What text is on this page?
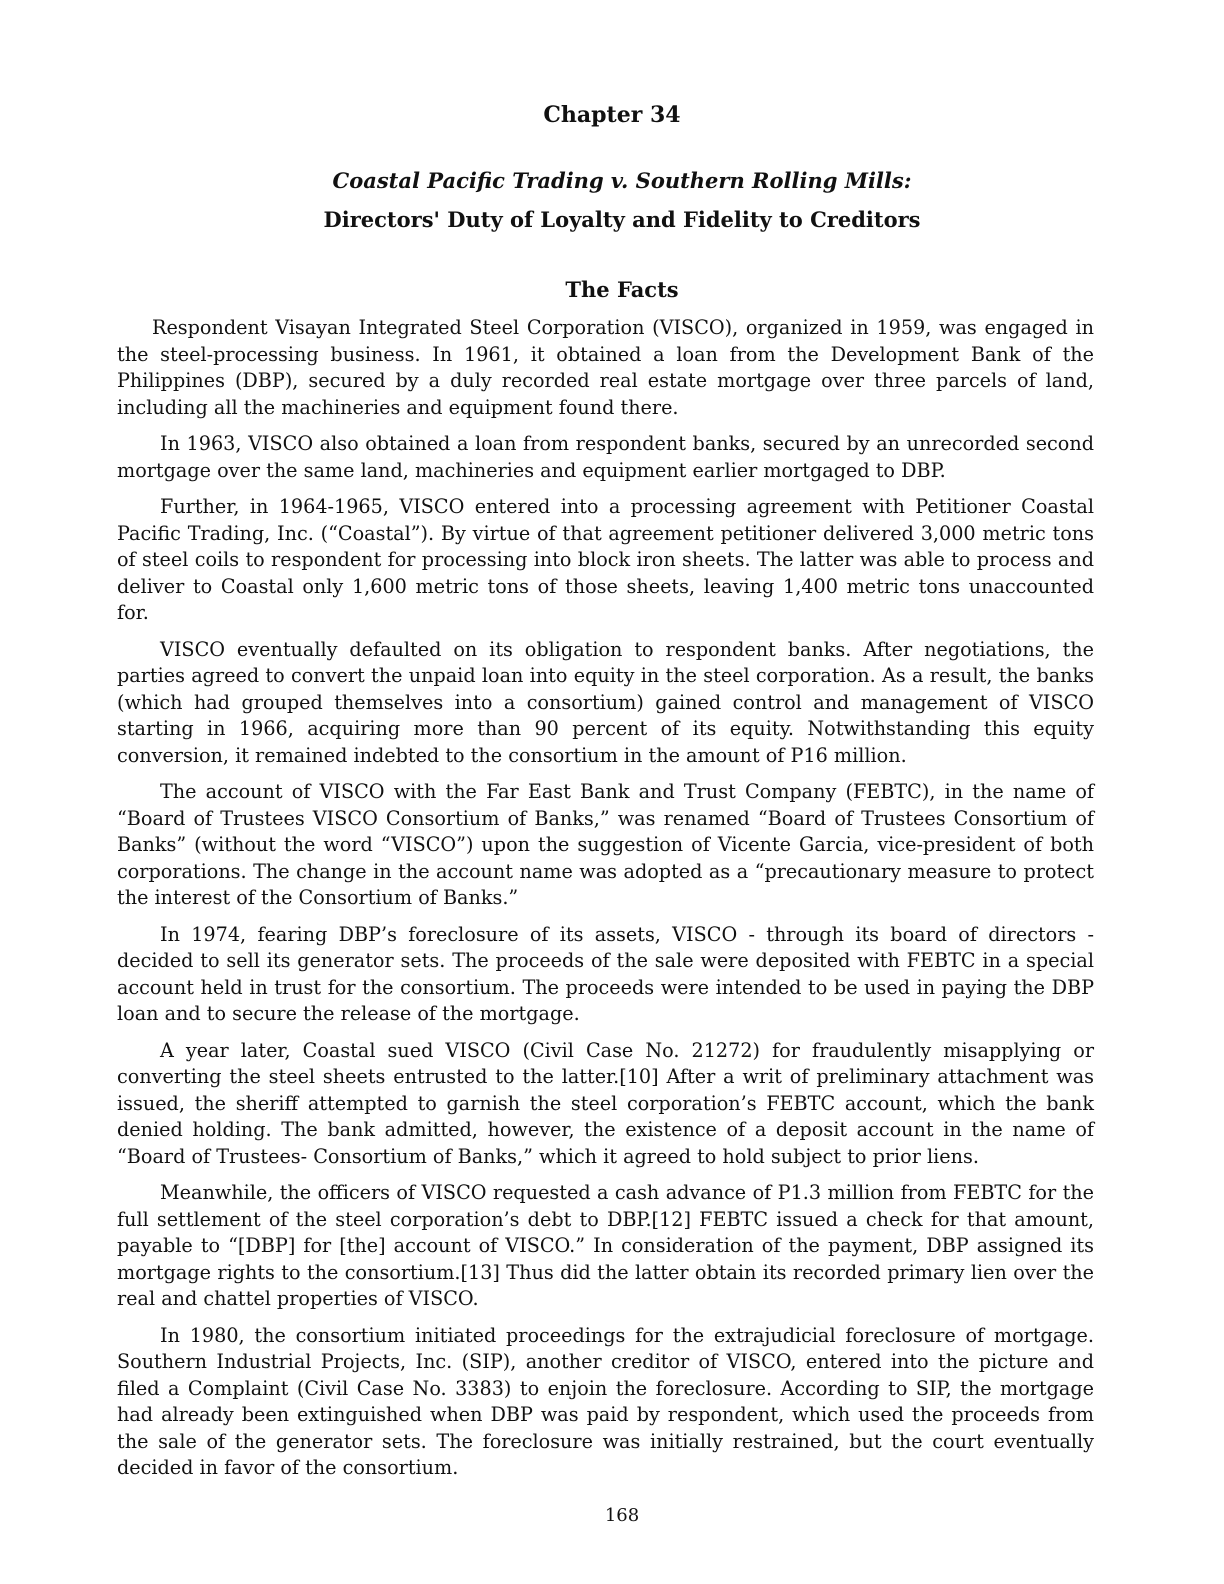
Chapter 34
Coastal Pacific Trading v. Southern Rolling Mills:
Directors' Duty of Loyalty and Fidelity to Creditors
The Facts

Respondent Visayan Integrated Steel Corporation (VISCO), organized in 1959, was engaged in the steel-processing business. In 1961, it obtained a loan from the Development Bank of the Philippines (DBP), secured by a duly recorded real estate mortgage over three parcels of land, including all the machineries and equipment found there.

In 1963, VISCO also obtained a loan from respondent banks, secured by an unrecorded second mortgage over the same land, machineries and equipment earlier mortgaged to DBP.

Further, in 1964-1965, VISCO entered into a processing agreement with Petitioner Coastal Pacific Trading, Inc. (“Coastal”). By virtue of that agreement petitioner delivered 3,000 metric tons of steel coils to respondent for processing into block iron sheets. The latter was able to process and deliver to Coastal only 1,600 metric tons of those sheets, leaving 1,400 metric tons unaccounted for.

VISCO eventually defaulted on its obligation to respondent banks. After negotiations, the parties agreed to convert the unpaid loan into equity in the steel corporation. As a result, the banks (which had grouped themselves into a consortium) gained control and management of VISCO starting in 1966, acquiring more than 90 percent of its equity. Notwithstanding this equity conversion, it remained indebted to the consortium in the amount of P16 million.

The account of VISCO with the Far East Bank and Trust Company (FEBTC), in the name of “Board of Trustees VISCO Consortium of Banks,” was renamed “Board of Trustees Consortium of Banks” (without the word “VISCO”) upon the suggestion of Vicente Garcia, vice-president of both corporations. The change in the account name was adopted as a “precautionary measure to protect the interest of the Consortium of Banks.”

In 1974, fearing DBP’s foreclosure of its assets, VISCO - through its board of directors - decided to sell its generator sets. The proceeds of the sale were deposited with FEBTC in a special account held in trust for the consortium. The proceeds were intended to be used in paying the DBP loan and to secure the release of the mortgage.

A year later, Coastal sued VISCO (Civil Case No. 21272) for fraudulently misapplying or converting the steel sheets entrusted to the latter.[10] After a writ of preliminary attachment was issued, the sheriff attempted to garnish the steel corporation’s FEBTC account, which the bank denied holding. The bank admitted, however, the existence of a deposit account in the name of “Board of Trustees- Consortium of Banks,” which it agreed to hold subject to prior liens.

Meanwhile, the officers of VISCO requested a cash advance of P1.3 million from FEBTC for the full settlement of the steel corporation’s debt to DBP.[12] FEBTC issued a check for that amount, payable to “[DBP] for [the] account of VISCO.” In consideration of the payment, DBP assigned its mortgage rights to the consortium.[13] Thus did the latter obtain its recorded primary lien over the real and chattel properties of VISCO.

In 1980, the consortium initiated proceedings for the extrajudicial foreclosure of mortgage. Southern Industrial Projects, Inc. (SIP), another creditor of VISCO, entered into the picture and filed a Complaint (Civil Case No. 3383) to enjoin the foreclosure. According to SIP, the mortgage had already been extinguished when DBP was paid by respondent, which used the proceeds from the sale of the generator sets. The foreclosure was initially restrained, but the court eventually decided in favor of the consortium.

168
